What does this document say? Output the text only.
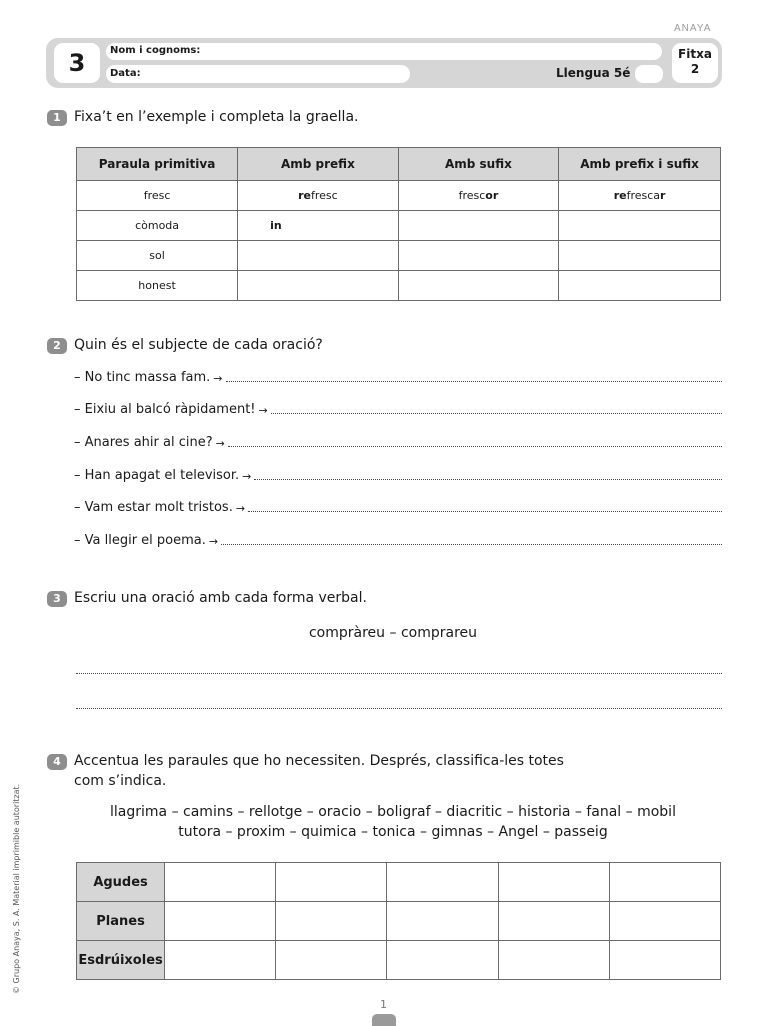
ANAYA
3	Nom i cognoms:
Data:	Llengua 5é
Fitxa
2
1 Fixa’t en l’exemple i completa la graella.
Paraula primitiva	Amb prefix	Amb sufix	Amb prefix i sufix
fresc	refresc	frescor	refrescar
còmoda	in		
sol			
honest			
2 Quin és el subjecte de cada oració?
– No tinc massa fam. →
– Eixiu al balcó ràpidament! →
– Anares ahir al cine? →
– Han apagat el televisor. →
– Vam estar molt tristos. →
– Va llegir el poema. →
3 Escriu una oració amb cada forma verbal.
compràreu – comprareu
4 Accentua les paraules que ho necessiten. Després, classifica-les totes
com s’indica.
llagrima – camins – rellotge – oracio – boligraf – diacritic – historia – fanal – mobil
tutora – proxim – quimica – tonica – gimnas – Angel – passeig
Agudes					
Planes					
Esdrúixoles					
© Grupo Anaya, S. A. Material imprimible autoritzat.
1
